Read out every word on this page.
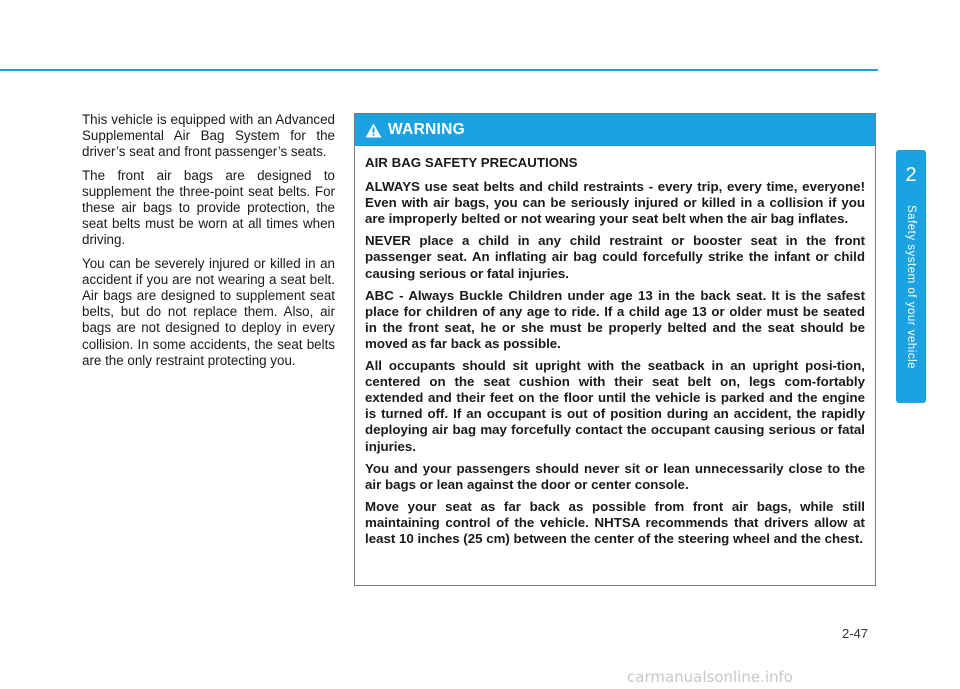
This vehicle is equipped with an Advanced Supplemental Air Bag System for the driver’s seat and front passenger’s seats.

The front air bags are designed to supplement the three-point seat belts. For these air bags to provide protection, the seat belts must be worn at all times when driving.

You can be severely injured or killed in an accident if you are not wearing a seat belt. Air bags are designed to supplement seat belts, but do not replace them. Also, air bags are not designed to deploy in every collision. In some accidents, the seat belts are the only restraint protecting you.

WARNING

AIR BAG SAFETY PRECAUTIONS

ALWAYS use seat belts and child restraints - every trip, every time, everyone! Even with air bags, you can be seriously injured or killed in a collision if you are improperly belted or not wearing your seat belt when the air bag inflates.

NEVER place a child in any child restraint or booster seat in the front passenger seat. An inflating air bag could forcefully strike the infant or child causing serious or fatal injuries.

ABC - Always Buckle Children under age 13 in the back seat. It is the safest place for children of any age to ride. If a child age 13 or older must be seated in the front seat, he or she must be properly belted and the seat should be moved as far back as possible.

All occupants should sit upright with the seatback in an upright posi-tion, centered on the seat cushion with their seat belt on, legs com-fortably extended and their feet on the floor until the vehicle is parked and the engine is turned off. If an occupant is out of position during an accident, the rapidly deploying air bag may forcefully contact the occupant causing serious or fatal injuries.

You and your passengers should never sit or lean unnecessarily close to the air bags or lean against the door or center console.

Move your seat as far back as possible from front air bags, while still maintaining control of the vehicle. NHTSA recommends that drivers allow at least 10 inches (25 cm) between the center of the steering wheel and the chest.

2
Safety system of your vehicle
2-47
carmanualsonline.info
